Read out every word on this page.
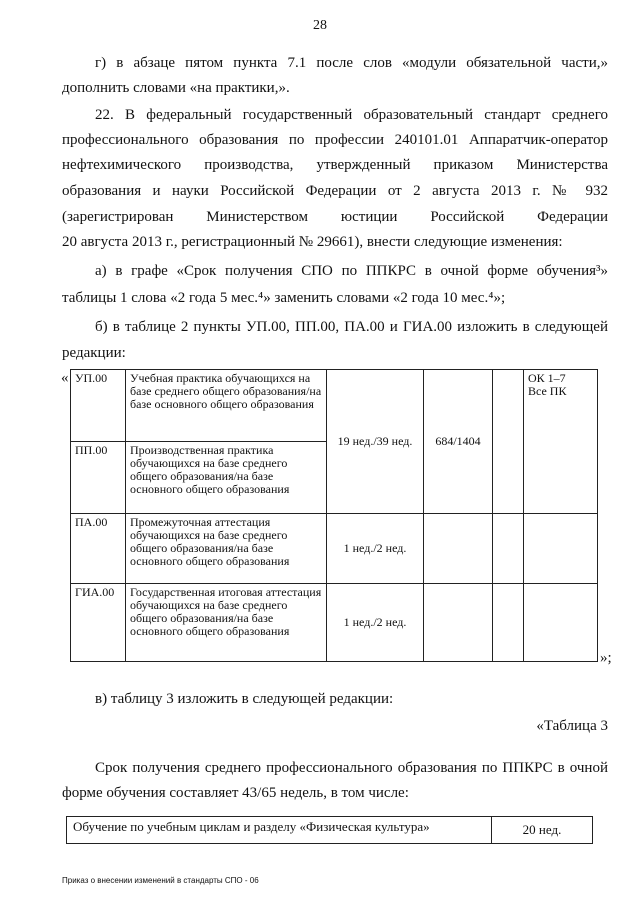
28
г) в абзаце пятом пункта 7.1 после слов «модули обязательной части,»
дополнить словами «на практики,».
22. В федеральный государственный образовательный стандарт среднего
профессионального образования по профессии 240101.01 Аппаратчик-оператор
нефтехимического производства, утвержденный приказом Министерства
образования и науки Российской Федерации от 2 августа 2013 г. № 932
(зарегистрирован Министерством юстиции Российской Федерации
20 августа 2013 г., регистрационный № 29661), внести следующие изменения:
а) в графе «Срок получения СПО по ППКРС в очной форме обучения³»
таблицы 1 слова «2 года 5 мес.⁴» заменить словами «2 года 10 мес.⁴»;
б) в таблице 2 пункты УП.00, ПП.00, ПА.00 и ГИА.00 изложить в следующей
редакции:
« УП.00	Учебная практика обучающихся на базе среднего общего образования/на базе основного общего образования	19 нед./39 нед.	684/1404		ОК 1–7
Все ПК

ПП.00	Производственная практика обучающихся на базе среднего общего образования/на базе основного общего образования				
ПА.00	Промежуточная аттестация обучающихся на базе среднего общего образования/на базе основного общего образования	1 нед./2 нед.			
ГИА.00	Государственная итоговая аттестация обучающихся на базе среднего общего образования/на базе основного общего образования	1 нед./2 нед.			
»;
в) таблицу 3 изложить в следующей редакции:
«Таблица 3
Срок получения среднего профессионального образования по ППКРС в очной
форме обучения составляет 43/65 недель, в том числе:
Обучение по учебным циклам и разделу «Физическая культура»	20 нед.
Приказ о внесении изменений в стандарты СПО - 06
